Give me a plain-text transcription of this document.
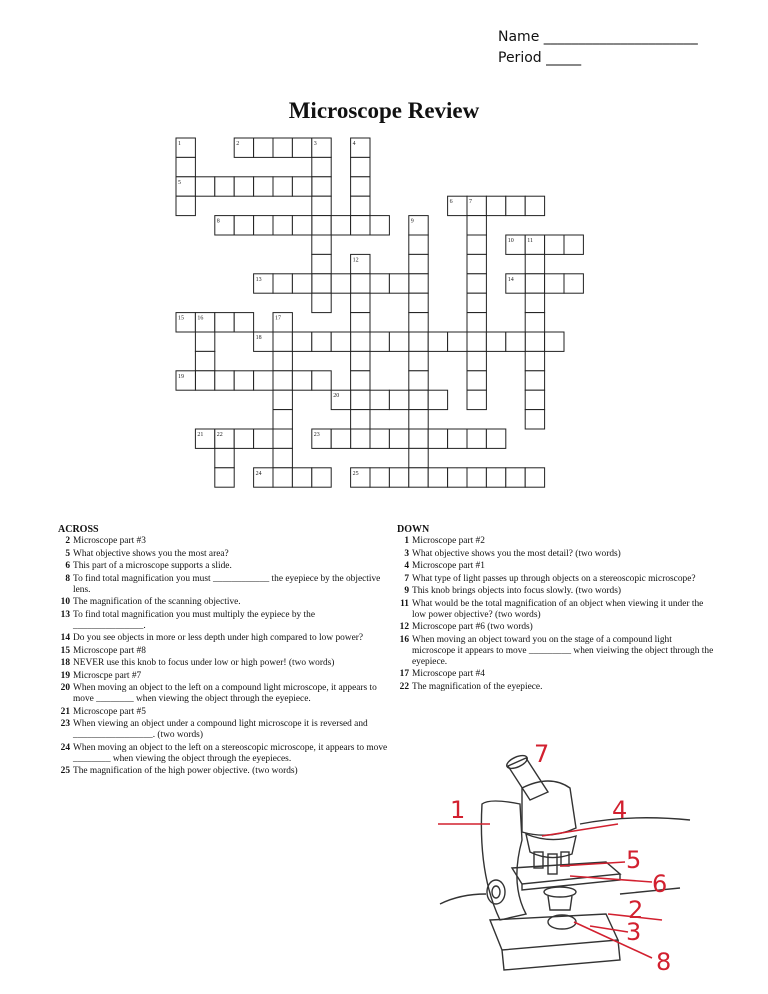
Name ______________________
Period _____
Microscope Review
1	2	3	4
5
6	7
8	9
10 11
12
13	14
15 16	17
18
19
20
21 22	23
24	25
ACROSS
2 Microscope part #3
5 What objective shows you the most area?
6 This part of a microscope supports a slide.
8 To find total magnification you must ____________ the eyepiece by the objective lens.
10 The magnification of the scanning objective.
13 To find total magnification you must multiply the eypiece by the _______________.
14 Do you see objects in more or less depth under high compared to low power?
15 Microscope part #8
18 NEVER use this knob to focus under low or high power! (two words)
19 Microscpe part #7
20 When moving an object to the left on a compound light microscope, it appears to move ________ when viewing the object through the eyepiece.
21 Microscope part #5
23 When viewing an object under a compound light microscope it is reversed and _________________. (two words)
24 When moving an object to the left on a stereoscopic microscope, it appears to move ________ when viewing the object through the eyepieces.
25 The magnification of the high power objective. (two words)
DOWN
1 Microscope part #2
3 What objective shows you the most detail? (two words)
4 Microscope part #1
7 What type of light passes up through objects on a stereoscopic microscope?
9 This knob brings objects into focus slowly. (two words)
11 What would be the total magnification of an object when viewing it under the low power objective? (two words)
12 Microscope part #6 (two words)
16 When moving an object toward you on the stage of a compound light microscope it appears to move _________ when vieiwing the object through the eyepiece.
17 Microscope part #4
22 The magnification of the eyepiece.
7
1	4
5
6
2
3
8
